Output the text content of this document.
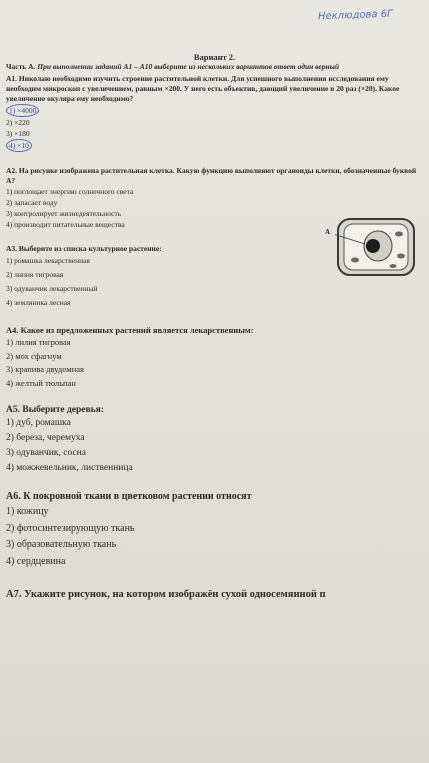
Неклюдова 6Г
Вариант 2.

Часть А. При выполнении заданий А1 – А10 выберите из нескольких вариантов ответ один верный

А1. Николаю необходимо изучить строение растительной клетки. Для успешного выполнения исследования ему необходим микроскоп с увеличением, равным ×200. У него есть объектив, дающий увеличение в 20 раз (×20). Какое увеличение окуляра ему необходимо?

1) ×4000

2) ×220

3) ×180

4) ×10

А2. На рисунке изображена растительная клетка. Какую функцию выполняют органоиды клетки, обозначенные буквой А?

1) поглощает энергию солнечного света

2) запасает воду

3) контролирует жизнедеятельность

4) производит питательные вещества

А3. Выберите из списка культурное растение:

1) ромашка лекарственная

2) липия тигровая

3) одуванчик лекарственный

4) земляника лесная

А4. Какое из предложенных растений является лекарственным:

1) лилия тигровая

2) мох сфагнум

3) крапива двудомная

4) желтый тюльпан

А5. Выберите деревья:

1) дуб, ромашка

2) береза, черемуха

3) одуванчик, сосна

4) можжевельник, лиственница

А6. К покровной ткани в цветковом растении относят

1) кожицу

2) фотосинтезирующую ткань

3) образовательную ткань

4) сердцевина

А7. Укажите рисунок, на котором изображён сухой односемянной п

А
